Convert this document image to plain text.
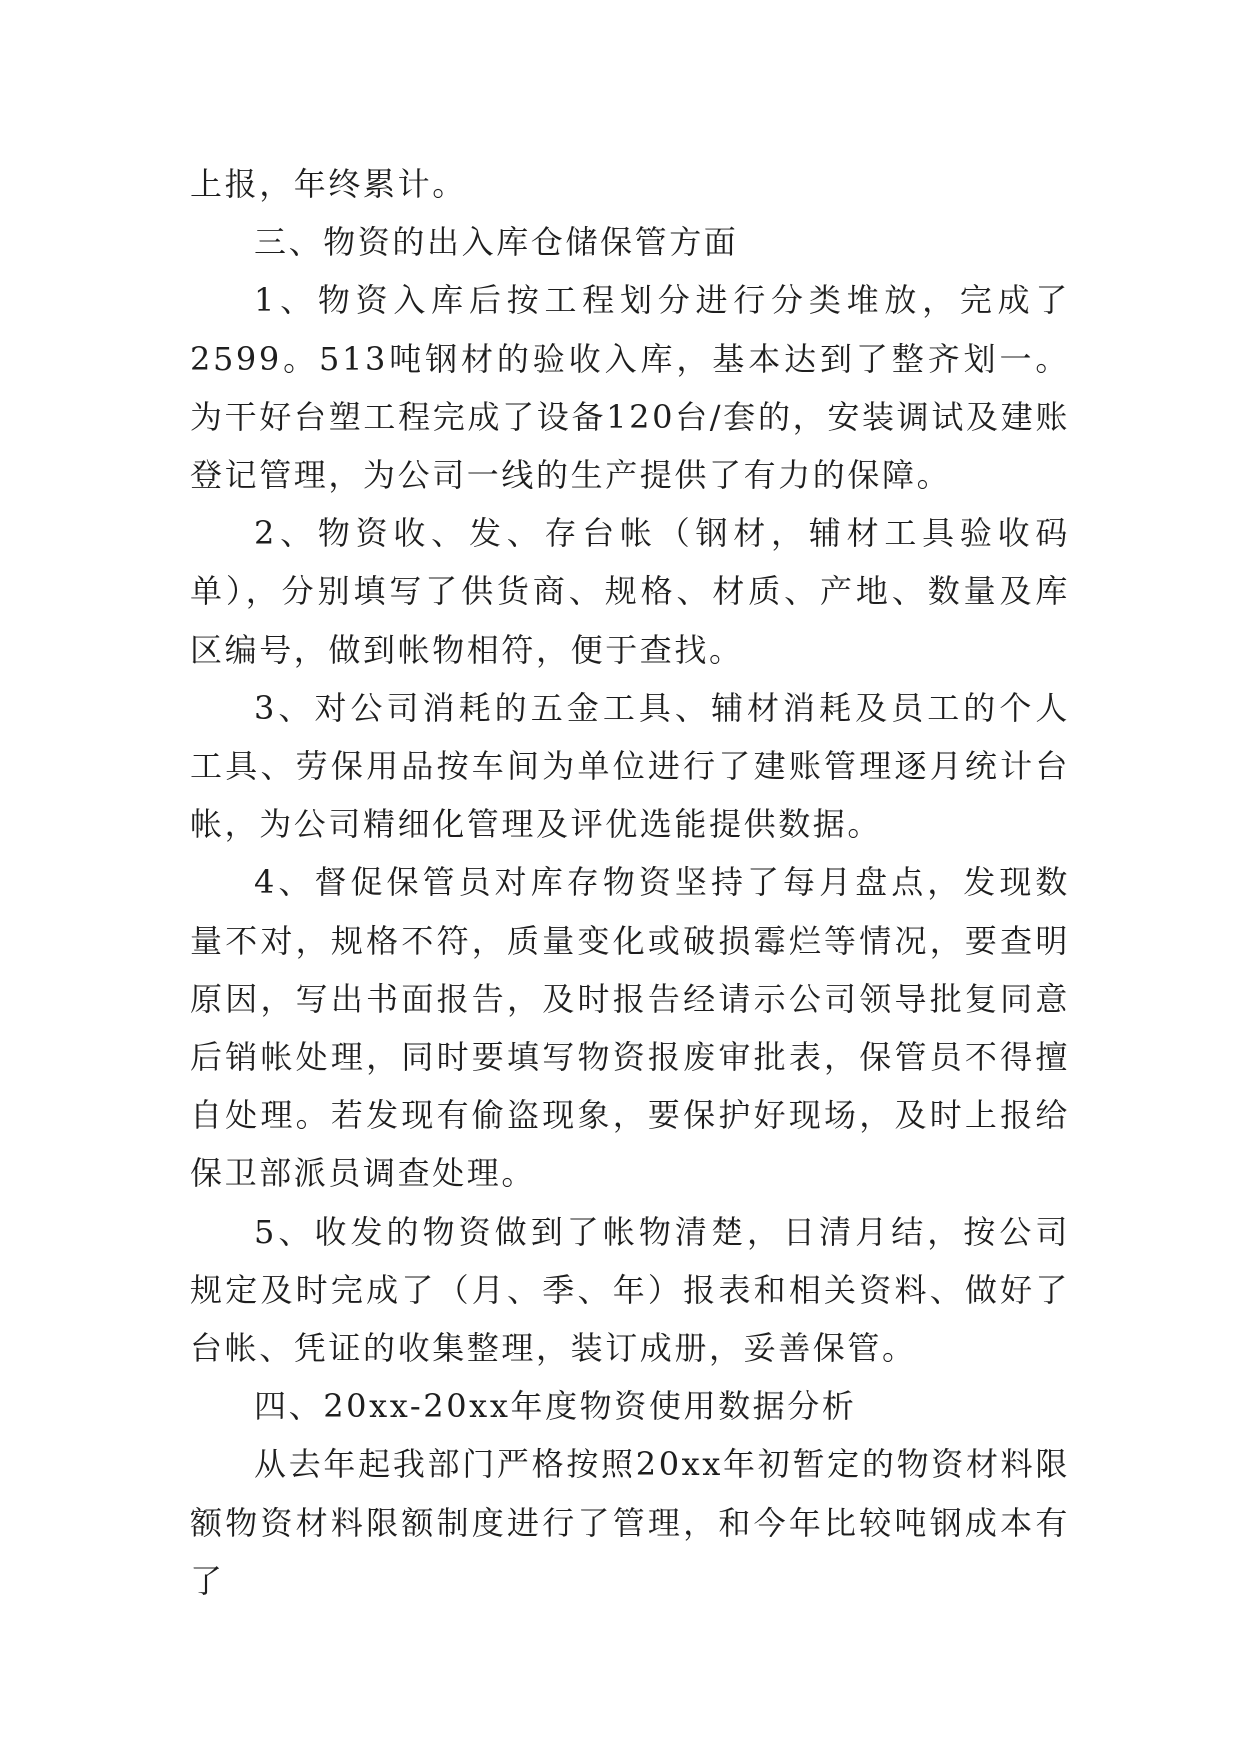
上报，年终累计。

三、物资的出入库仓储保管方面

1、物资入库后按工程划分进行分类堆放，完成了2599。513吨钢材的验收入库，基本达到了整齐划一。为干好台塑工程完成了设备120台/套的，安装调试及建账登记管理，为公司一线的生产提供了有力的保障。

2、物资收、发、存台帐（钢材，辅材工具验收码单），分别填写了供货商、规格、材质、产地、数量及库区编号，做到帐物相符，便于查找。

3、对公司消耗的五金工具、辅材消耗及员工的个人工具、劳保用品按车间为单位进行了建账管理逐月统计台帐，为公司精细化管理及评优选能提供数据。

4、督促保管员对库存物资坚持了每月盘点，发现数量不对，规格不符，质量变化或破损霉烂等情况，要查明原因，写出书面报告，及时报告经请示公司领导批复同意后销帐处理，同时要填写物资报废审批表，保管员不得擅自处理。若发现有偷盗现象，要保护好现场，及时上报给保卫部派员调查处理。

5、收发的物资做到了帐物清楚，日清月结，按公司规定及时完成了（月、季、年）报表和相关资料、做好了台帐、凭证的收集整理，装订成册，妥善保管。

四、20xx-20xx年度物资使用数据分析

从去年起我部门严格按照20xx年初暂定的物资材料限额物资材料限额制度进行了管理，和今年比较吨钢成本有了
